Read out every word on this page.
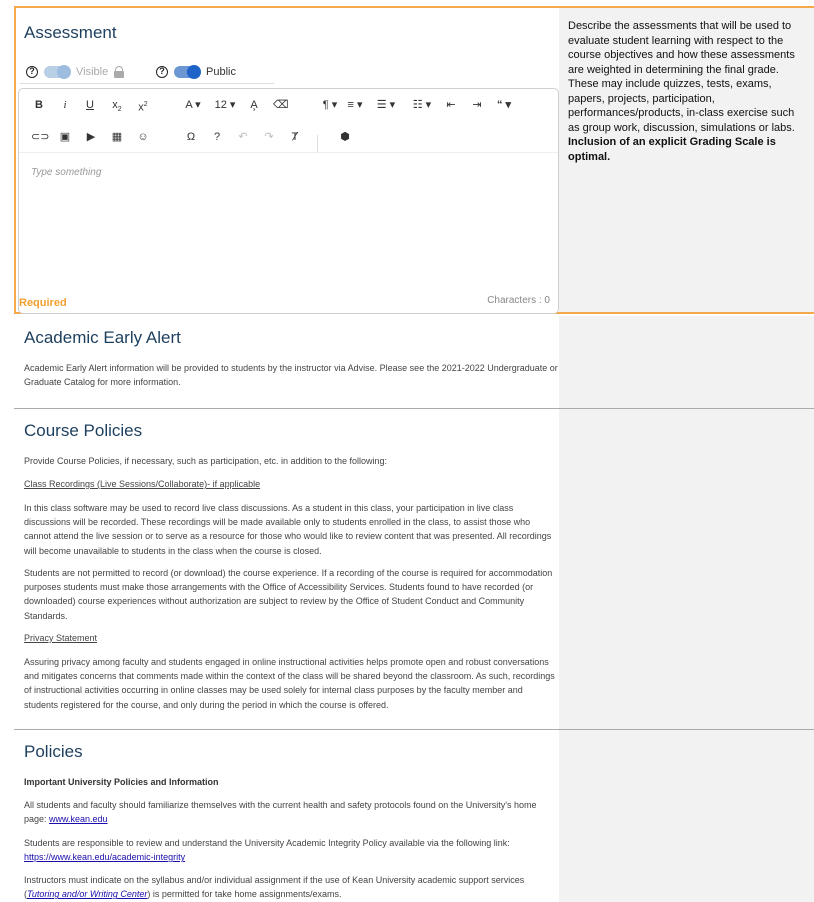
Describe the assessments that will be used to evaluate student learning with respect to the course objectives and how these assessments are weighted in determining the final grade. These may include quizzes, tests, exams, papers, projects, participation, performances/products, in-class exercise such as group work, discussion, simulations or labs. Inclusion of an explicit Grading Scale is optimal.
Assessment
?	Visible	?	Public
B	i	U $x_2$ $x^2$	A ▾	12 ▾	A̧	⌫	¶ ▾ ≡ ▾	☰ ▾	☷ ▾	⇤	⇥	“ ▾
⊂⊃ ▣	▶	▦ ☺	Ω	?	↶	↷	Ⱦ	⬢
Type something
Characters : 0
Required
Academic Early Alert
Academic Early Alert information will be provided to students by the instructor via Advise. Please see the 2021-2022 Undergraduate or Graduate Catalog for more information.
Course Policies
Provide Course Policies, if necessary, such as participation, etc. in addition to the following:
Class Recordings (Live Sessions/Collaborate)- if applicable
In this class software may be used to record live class discussions. As a student in this class, your participation in live class discussions will be recorded. These recordings will be made available only to students enrolled in the class, to assist those who cannot attend the live session or to serve as a resource for those who would like to review content that was presented. All recordings will become unavailable to students in the class when the course is closed.
Students are not permitted to record (or download) the course experience. If a recording of the course is required for accommodation purposes students must make those arrangements with the Office of Accessibility Services. Students found to have recorded (or downloaded) course experiences without authorization are subject to review by the Office of Student Conduct and Community Standards.
Privacy Statement
Assuring privacy among faculty and students engaged in online instructional activities helps promote open and robust conversations and mitigates concerns that comments made within the context of the class will be shared beyond the classroom. As such, recordings of instructional activities occurring in online classes may be used solely for internal class purposes by the faculty member and students registered for the course, and only during the period in which the course is offered.
Policies
Important University Policies and Information
All students and faculty should familiarize themselves with the current health and safety protocols found on the University's home page: www.kean.edu
Students are responsible to review and understand the University Academic Integrity Policy available via the following link: https://www.kean.edu/academic-integrity
Instructors must indicate on the syllabus and/or individual assignment if the use of Kean University academic support services (Tutoring and/or Writing Center) is permitted for take home assignments/exams.
